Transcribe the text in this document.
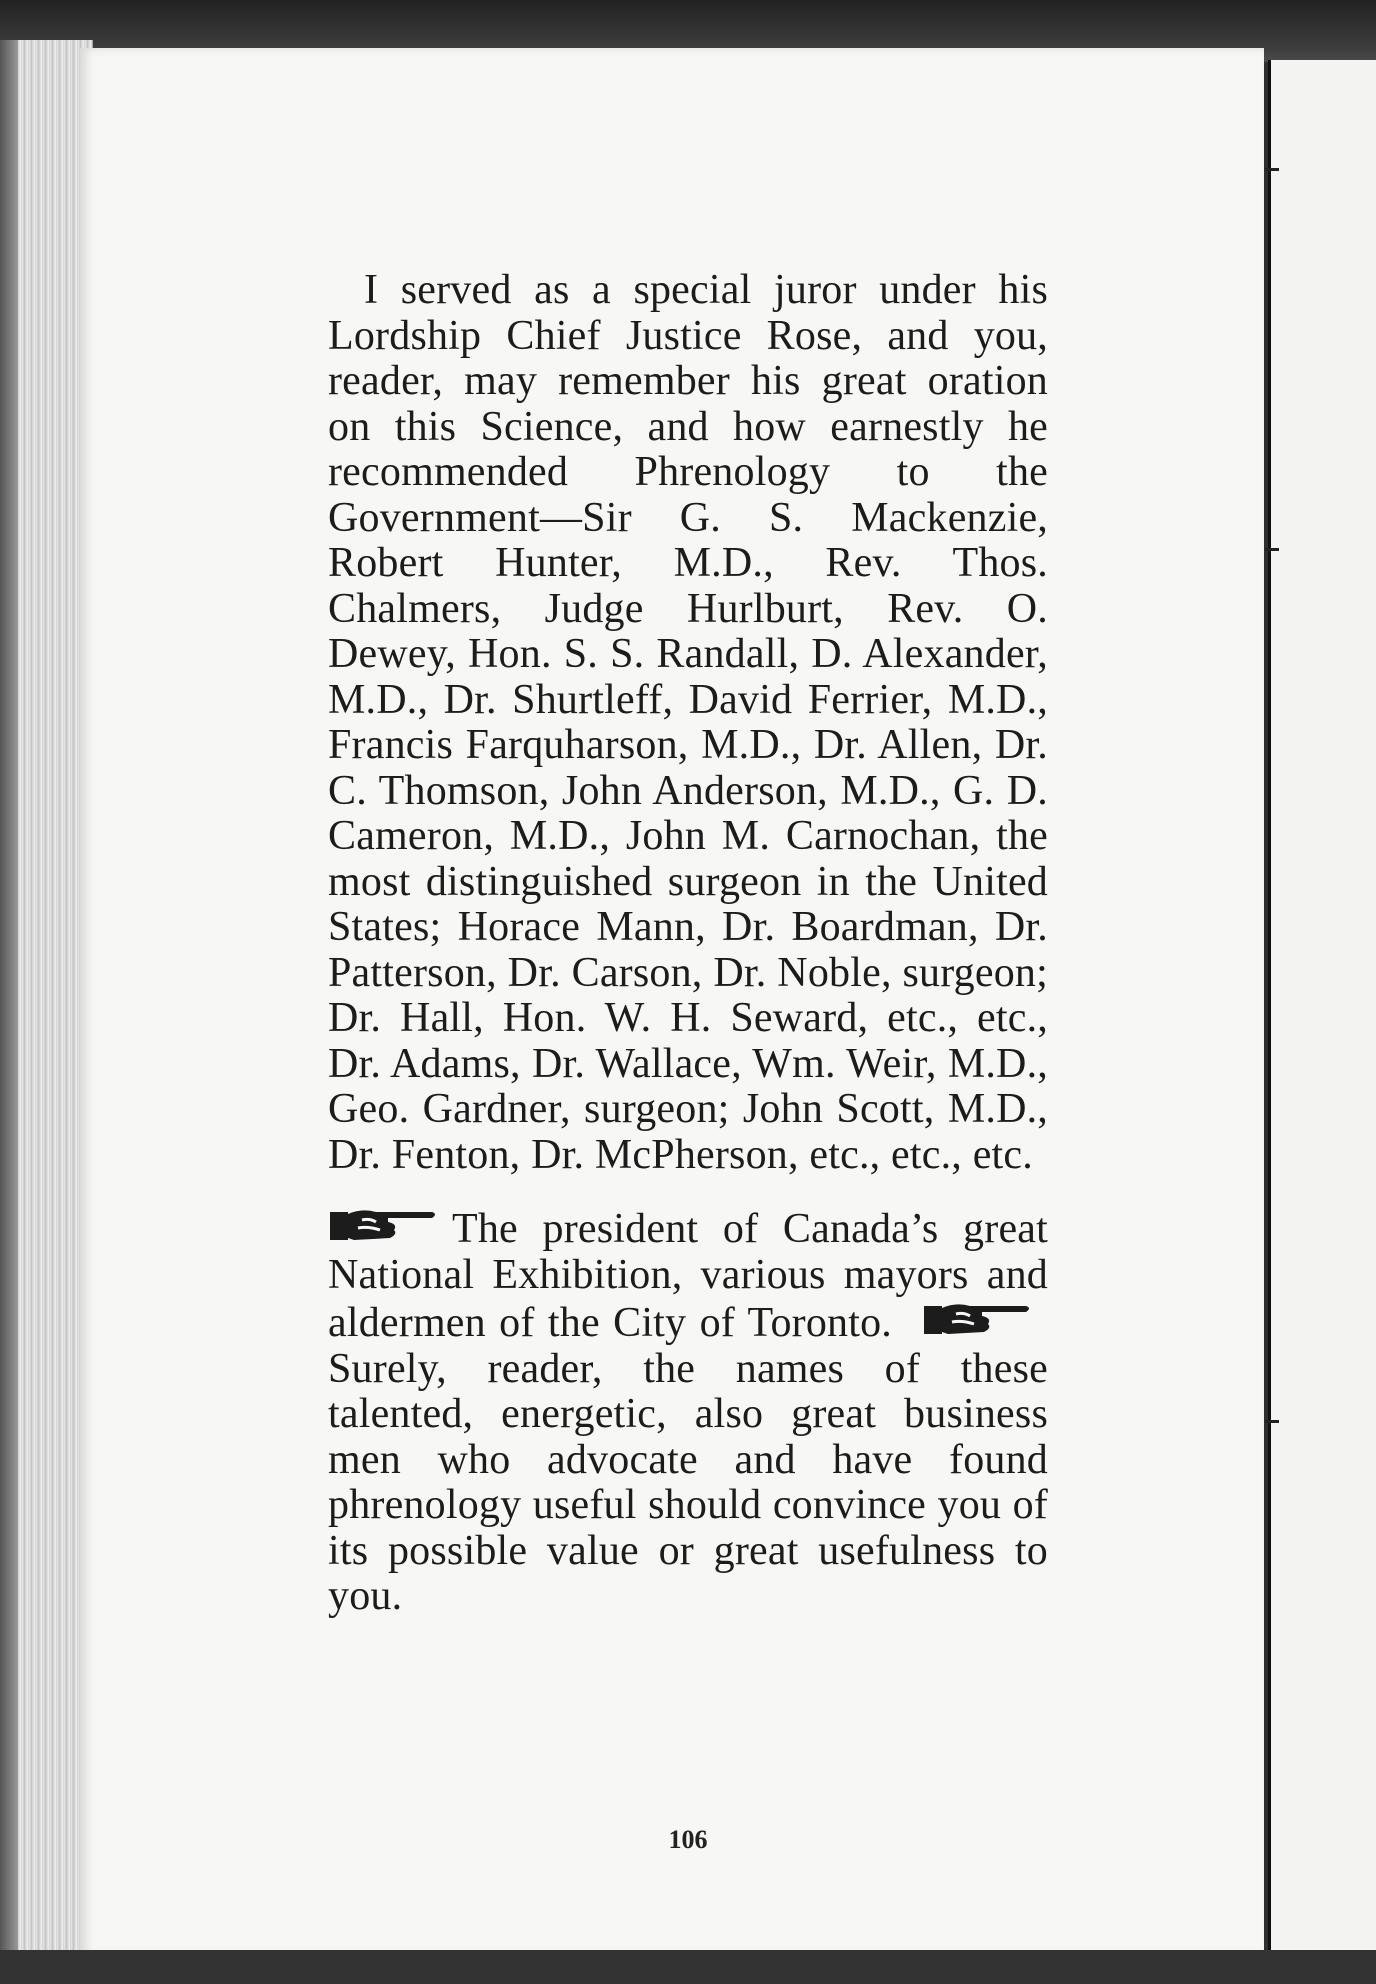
I served as a special juror under his Lordship Chief Justice Rose, and you, reader, may remember his great oration on this Science, and how earnestly he recommended Phrenology to the Government—Sir G. S. Mackenzie, Robert Hunter, M.D., Rev. Thos. Chalmers, Judge Hurlburt, Rev. O. Dewey, Hon. S. S. Randall, D. Alexander, M.D., Dr. Shurtleff, David Ferrier, M.D., Francis Farquharson, M.D., Dr. Allen, Dr. C. Thomson, John Anderson, M.D., G. D. Cameron, M.D., John M. Carnochan, the most distinguished surgeon in the United States; Horace Mann, Dr. Boardman, Dr. Patterson, Dr. Carson, Dr. Noble, surgeon; Dr. Hall, Hon. W. H. Seward, etc., etc., Dr. Adams, Dr. Wallace, Wm. Weir, M.D., Geo. Gardner, surgeon; John Scott, M.D., Dr. Fenton, Dr. McPherson, etc., etc., etc.

The president of Canada’s great National Exhibition, various mayors and aldermen of the City of Toronto.
Surely, reader, the names of these talented, energetic, also great business men who advocate and have found phrenology useful should convince you of its possible value or great usefulness to you.

106
